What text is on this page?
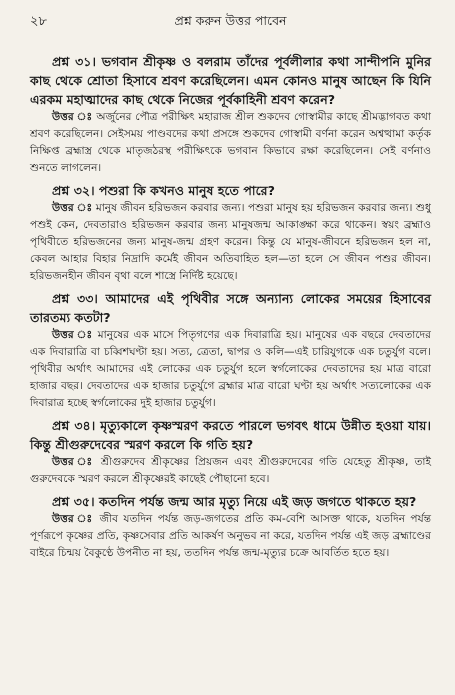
২৮	প্রশ্ন করুন উত্তর পাবেন

প্রশ্ন ৩১। ভগবান শ্রীকৃষ্ণ ও বলরাম তাঁদের পূর্বলীলার কথা সান্দীপনি মুনির কাছ থেকে শ্রোতা হিসাবে শ্রবণ করেছিলেন। এমন কোনও মানুষ আছেন কি যিনি এরকম মহাত্মাদের কাছ থেকে নিজের পূর্বকাহিনী শ্রবণ করেন?

উত্তর ঃ অর্জুনের পৌত্র পরীক্ষিৎ মহারাজ শ্রীল শুকদেব গোস্বামীর কাছে শ্রীমদ্ভাগবত কথা শ্রবণ করেছিলেন। সেইসময় পাণ্ডবদের কথা প্রসঙ্গে শুকদেব গোস্বামী বর্ণনা করেন অশ্বত্থামা কর্তৃক নিক্ষিপ্ত ব্রহ্মাস্ত্র থেকে মাতৃজঠরস্থ পরীক্ষিৎকে ভগবান কিভাবে রক্ষা করেছিলেন। সেই বর্ণনাও শুনতে লাগলেন।

প্রশ্ন ৩২। পশুরা কি কখনও মানুষ হতে পারে?

উত্তর ঃ মানুষ জীবন হরিভজন করবার জন্য। পশুরা মানুষ হয় হরিভজন করবার জন্য। শুধু পশুই কেন, দেবতারাও হরিভজন করবার জন্য মানুষজন্ম আকাঙ্ক্ষা করে থাকেন। স্বয়ং ব্রহ্মাও পৃথিবীতে হরিভজনের জন্য মানুষ-জন্ম গ্রহণ করেন। কিন্তু যে মানুষ-জীবনে হরিভজন হল না, কেবল আহার বিহার নিদ্রাদি কর্মেই জীবন অতিবাহিত হল—তা হলে সে জীবন পশুর জীবন। হরিভজনহীন জীবন বৃথা বলে শাস্ত্রে নির্দিষ্ট হয়েছে।

প্রশ্ন ৩৩। আমাদের এই পৃথিবীর সঙ্গে অন্যান্য লোকের সময়ের হিসাবের তারতম্য কতটা?

উত্তর ঃ মানুষের এক মাসে পিতৃগণের এক দিবারাত্রি হয়। মানুষের এক বছরে দেবতাদের এক দিবারাত্রি বা চব্বিশঘণ্টা হয়। সত্য, ত্রেতা, দ্বাপর ও কলি—এই চারিযুগকে এক চতুর্যুগ বলে। পৃথিবীর অর্থাৎ আমাদের এই লোকের এক চতুর্যুগ হলে স্বর্গলোকের দেবতাদের হয় মাত্র বারো হাজার বছর। দেবতাদের এক হাজার চতুর্যুগে ব্রহ্মার মাত্র বারো ঘণ্টা হয় অর্থাৎ সত্যলোকের এক দিবারাত্র হচ্ছে স্বর্গলোকের দুই হাজার চতুর্যুগ।

প্রশ্ন ৩৪। মৃত্যুকালে কৃষ্ণস্মরণ করতে পারলে ভগবৎ ধামে উন্নীত হওয়া যায়। কিন্তু শ্রীগুরুদেবের স্মরণ করলে কি গতি হয়?

উত্তর ঃ শ্রীগুরুদেব শ্রীকৃষ্ণের প্রিয়জন এবং শ্রীগুরুদেবের গতি যেহেতু শ্রীকৃষ্ণ, তাই গুরুদেবকে স্মরণ করলে শ্রীকৃষ্ণেরই কাছেই পৌছানো হবে।

প্রশ্ন ৩৫। কতদিন পর্যন্ত জন্ম আর মৃত্যু নিয়ে এই জড় জগতে থাকতে হয়?

উত্তর ঃ জীব যতদিন পর্যন্ত জড়-জগতের প্রতি কম-বেশি আসক্ত থাকে, যতদিন পর্যন্ত পূর্ণরূপে কৃষ্ণের প্রতি, কৃষ্ণসেবার প্রতি আকর্ষণ অনুভব না করে, যতদিন পর্যন্ত এই জড় ব্রহ্মাণ্ডের বাইরে চিন্ময় বৈকুণ্ঠে উপনীত না হয়, ততদিন পর্যন্ত জন্ম-মৃত্যুর চক্রে আবর্তিত হতে হয়।
